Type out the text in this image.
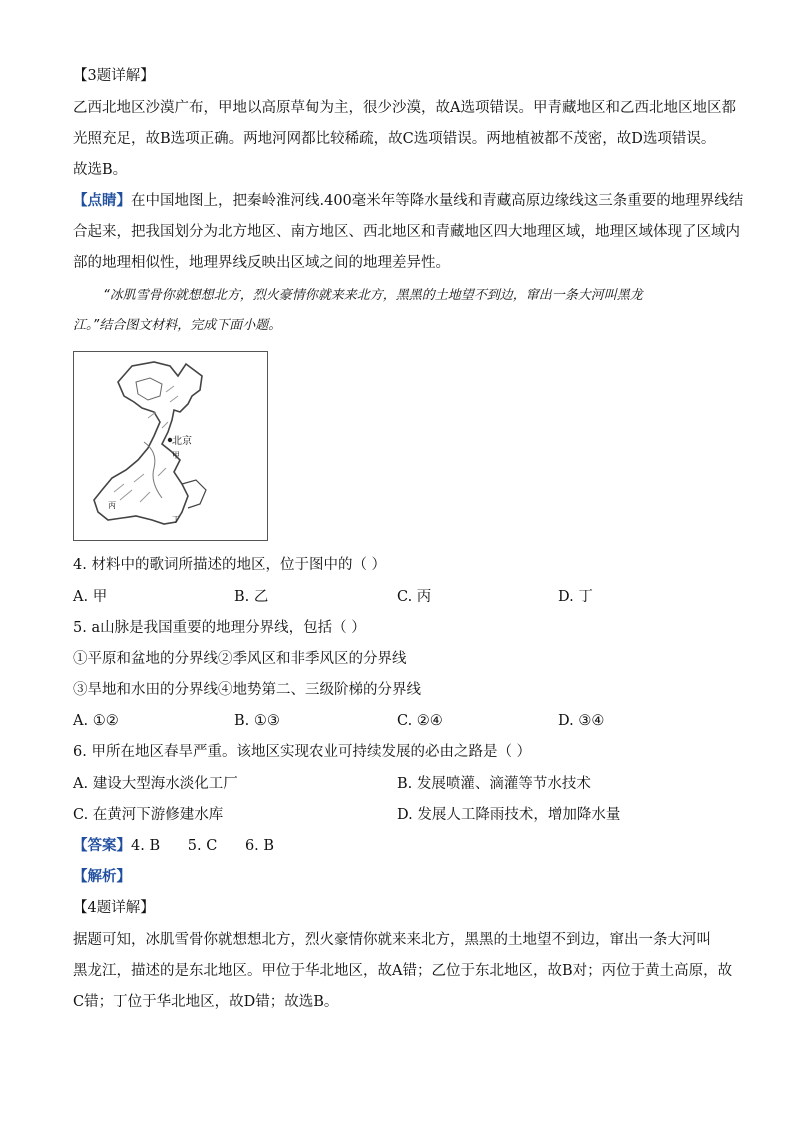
【3题详解】
乙西北地区沙漠广布，甲地以高原草甸为主，很少沙漠，故A选项错误。甲青藏地区和乙西北地区地区都
光照充足，故B选项正确。两地河网都比较稀疏，故C选项错误。两地植被都不茂密，故D选项错误。
故选B。
【点睛】在中国地图上，把秦岭淮河线.400毫米年等降水量线和青藏高原边缘线这三条重要的地理界线结
合起来，把我国划分为北方地区、南方地区、西北地区和青藏地区四大地理区域，地理区域体现了区域内
部的地理相似性，地理界线反映出区域之间的地理差异性。
“冰肌雪骨你就想想北方，烈火豪情你就来来北方，黑黑的土地望不到边，窜出一条大河叫黑龙
江。”结合图文材料，完成下面小题。
北京
甲
丙
丁
4. 材料中的歌词所描述的地区，位于图中的（ ）
A. 甲	B. 乙	C. 丙	D. 丁
5. a山脉是我国重要的地理分界线，包括（ ）
①平原和盆地的分界线②季风区和非季风区的分界线
③旱地和水田的分界线④地势第二、三级阶梯的分界线
A. ①②	B. ①③	C. ②④	D. ③④
6. 甲所在地区春旱严重。该地区实现农业可持续发展的必由之路是（ ）
A. 建设大型海水淡化工厂	B. 发展喷灌、滴灌等节水技术
C. 在黄河下游修建水库	D. 发展人工降雨技术，增加降水量
【答案】4. B      5. C      6. B
【解析】
【4题详解】
据题可知，冰肌雪骨你就想想北方，烈火豪情你就来来北方，黑黑的土地望不到边，窜出一条大河叫
黑龙江，描述的是东北地区。甲位于华北地区，故A错；乙位于东北地区，故B对；丙位于黄土高原，故
C错；丁位于华北地区，故D错；故选B。
